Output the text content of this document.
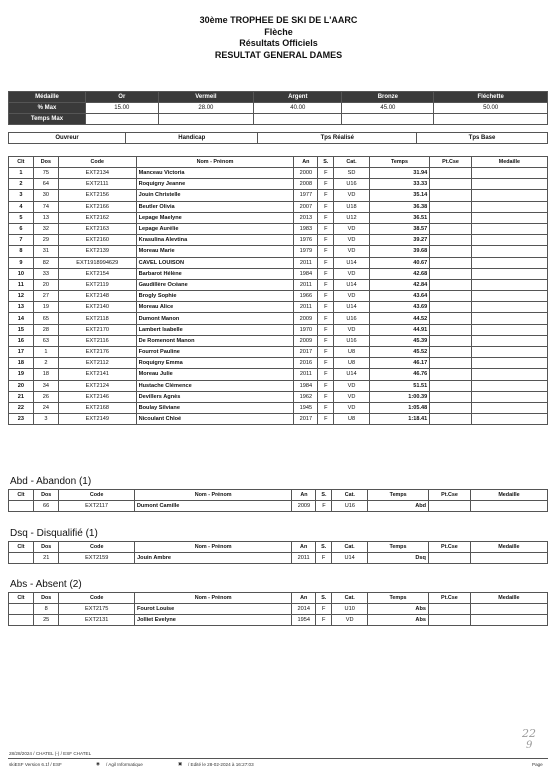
30ème TROPHEE DE SKI DE L'AARC
Flèche
Résultats Officiels
RESULTAT GENERAL DAMES
Médaille	Or	Vermeil	Argent	Bronze	Fléchette
% Max	15.00	28.00	40.00	45.00	50.00
Temps Max					
Ouvreur	Handicap	Tps Réalisé	Tps Base
Clt	Dos	Code	Nom - Prénom	An	S.	Cat.	Temps	Pt.Cse	Medaille
1	75	EXT2134	Manceau Victoria	2000	F	SD	31.94		
2	64	EXT2111	Roquigny Jeanne	2008	F	U16	33.33		
3	30	EXT2156	Jouin Christelle	1977	F	VD	35.14		
4	74	EXT2166	Beutler Olivia	2007	F	U18	36.38		
5	13	EXT2162	Lepage Maelyne	2013	F	U12	36.51		
6	32	EXT2163	Lepage Aurélie	1983	F	VD	38.57		
7	29	EXT2160	Krasulina Alevtina	1976	F	VD	39.27		
8	31	EXT2139	Moreau Marie	1979	F	VD	39.68		
9	82	EXT1918994629	CAVEL LOUISON	2011	F	U14	40.67		
10	33	EXT2154	Barbarot Hélène	1984	F	VD	42.68		
11	20	EXT2119	Gaudillère Océane	2011	F	U14	42.84		
12	27	EXT2148	Brogly Sophie	1966	F	VD	43.64		
13	19	EXT2140	Moreau Alice	2011	F	U14	43.69		
14	65	EXT2118	Dumont Manon	2009	F	U16	44.52		
15	28	EXT2170	Lambert Isabelle	1970	F	VD	44.91		
16	63	EXT2116	De Romenont Manon	2009	F	U16	45.39		
17	1	EXT2176	Fourrot Pauline	2017	F	U8	45.52		
18	2	EXT2112	Roquigny Emma	2016	F	U8	46.17		
19	18	EXT2141	Moreau Julie	2011	F	U14	46.76		
20	34	EXT2124	Hustache Clémence	1984	F	VD	51.51		
21	26	EXT2146	Devillers Agnès	1962	F	VD	1:00.39		
22	24	EXT2168	Boulay Silviane	1945	F	VD	1:05.48		
23	3	EXT2149	Nicoulant Chloé	2017	F	U8	1:18.41		
Abd - Abandon (1)
Clt	Dos	Code	Nom - Prénom	An	S.	Cat.	Temps	Pt.Cse	Medaille
	66	EXT2117	Dumont Camille	2009	F	U16	Abd		
Dsq - Disqualifié (1)
Clt	Dos	Code	Nom - Prénom	An	S.	Cat.	Temps	Pt.Cse	Medaille
	21	EXT2159	Jouin Ambre	2011	F	U14	Dsq		
Abs - Absent (2)
Clt	Dos	Code	Nom - Prénom	An	S.	Cat.	Temps	Pt.Cse	Medaille
	8	EXT2175	Fourot Louise	2014	F	U10	Abs		
	25	EXT2131	Jolliet Evelyne	1954	F	VD	Abs		
22
9
28/28/2024 / CHATEL (-) / ESF CHATEL
skiESF Version 6.1f / ESF	◉ / Agil Informatique	▣ / Edité le 28-02-2024 à 16:27:03	Page
